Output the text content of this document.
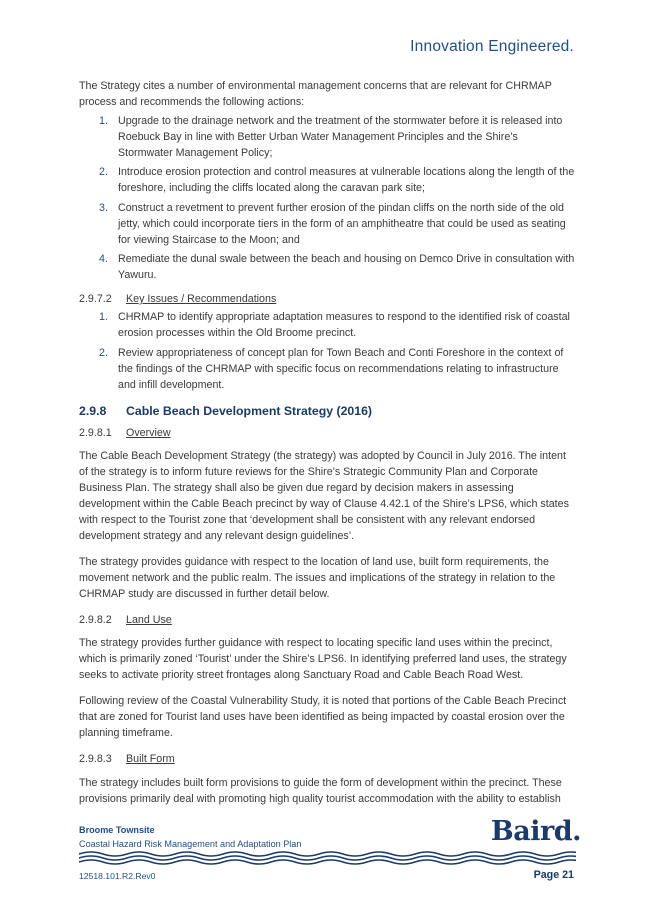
Innovation Engineered.

The Strategy cites a number of environmental management concerns that are relevant for CHRMAP process and recommends the following actions:

1. Upgrade to the drainage network and the treatment of the stormwater before it is released into Roebuck Bay in line with Better Urban Water Management Principles and the Shire’s Stormwater Management Policy;
2. Introduce erosion protection and control measures at vulnerable locations along the length of the foreshore, including the cliffs located along the caravan park site;
3. Construct a revetment to prevent further erosion of the pindan cliffs on the north side of the old jetty, which could incorporate tiers in the form of an amphitheatre that could be used as seating for viewing Staircase to the Moon; and
4. Remediate the dunal swale between the beach and housing on Demco Drive in consultation with Yawuru.
2.9.7.2 Key Issues / Recommendations
1. CHRMAP to identify appropriate adaptation measures to respond to the identified risk of coastal erosion processes within the Old Broome precinct.
2. Review appropriateness of concept plan for Town Beach and Conti Foreshore in the context of the findings of the CHRMAP with specific focus on recommendations relating to infrastructure and infill development.
2.9.8 Cable Beach Development Strategy (2016)
2.9.8.1 Overview

The Cable Beach Development Strategy (the strategy) was adopted by Council in July 2016. The intent of the strategy is to inform future reviews for the Shire’s Strategic Community Plan and Corporate Business Plan. The strategy shall also be given due regard by decision makers in assessing development within the Cable Beach precinct by way of Clause 4.42.1 of the Shire’s LPS6, which states with respect to the Tourist zone that ‘development shall be consistent with any relevant endorsed development strategy and any relevant design guidelines’.

The strategy provides guidance with respect to the location of land use, built form requirements, the movement network and the public realm. The issues and implications of the strategy in relation to the CHRMAP study are discussed in further detail below.

2.9.8.2 Land Use

The strategy provides further guidance with respect to locating specific land uses within the precinct, which is primarily zoned ‘Tourist’ under the Shire’s LPS6. In identifying preferred land uses, the strategy seeks to activate priority street frontages along Sanctuary Road and Cable Beach Road West.

Following review of the Coastal Vulnerability Study, it is noted that portions of the Cable Beach Precinct that are zoned for Tourist land uses have been identified as being impacted by coastal erosion over the planning timeframe.

2.9.8.3 Built Form

The strategy includes built form provisions to guide the form of development within the precinct. These provisions primarily deal with promoting high quality tourist accommodation with the ability to establish

Broome Townsite
Coastal Hazard Risk Management and Adaptation Plan	Baird.
12518.101.R2.Rev0	Page 21
